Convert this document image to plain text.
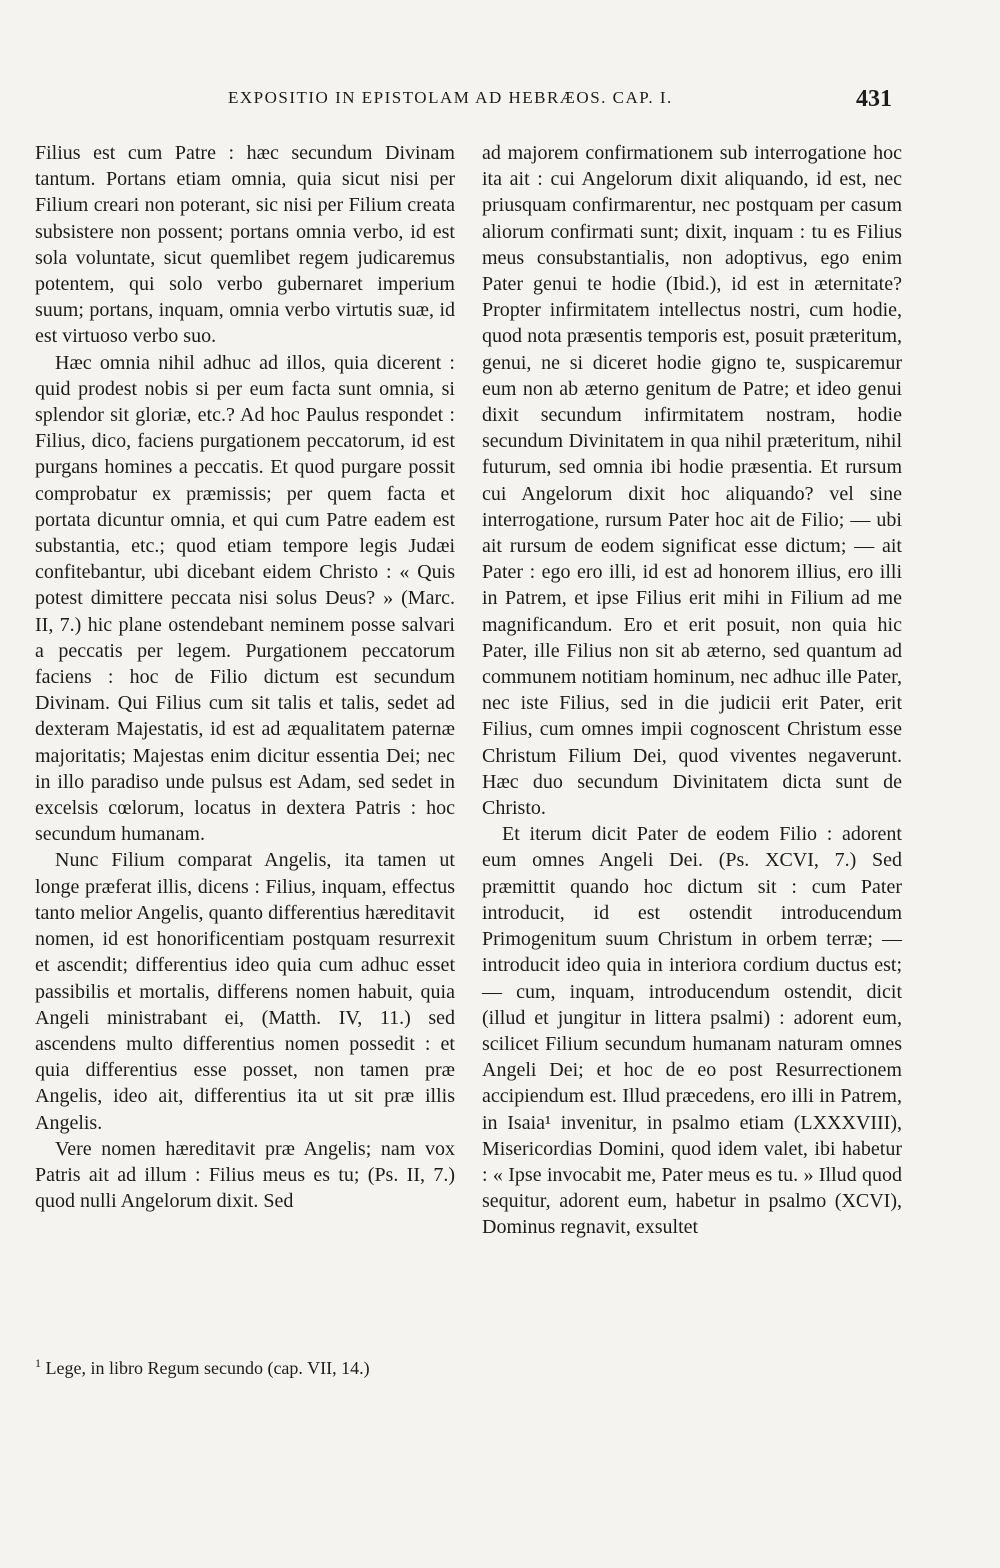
EXPOSITIO IN EPISTOLAM AD HEBRÆOS. CAP. I.	431

Filius est cum Patre : hæc secundum Divinam tantum. Portans etiam omnia, quia sicut nisi per Filium creari non poterant, sic nisi per Filium creata subsistere non possent; portans omnia verbo, id est sola voluntate, sicut quemlibet regem judicaremus potentem, qui solo verbo gubernaret imperium suum; portans, inquam, omnia verbo virtutis suæ, id est virtuoso verbo suo.

Hæc omnia nihil adhuc ad illos, quia dicerent : quid prodest nobis si per eum facta sunt omnia, si splendor sit gloriæ, etc.? Ad hoc Paulus respondet : Filius, dico, faciens purgationem peccatorum, id est purgans homines a peccatis. Et quod purgare possit comprobatur ex præmissis; per quem facta et portata dicuntur omnia, et qui cum Patre eadem est substantia, etc.; quod etiam tempore legis Judæi confitebantur, ubi dicebant eidem Christo : « Quis potest dimittere peccata nisi solus Deus? » (Marc. II, 7.) hic plane ostendebant neminem posse salvari a peccatis per legem. Purgationem peccatorum faciens : hoc de Filio dictum est secundum Divinam. Qui Filius cum sit talis et talis, sedet ad dexteram Majestatis, id est ad æqualitatem paternæ majoritatis; Majestas enim dicitur essentia Dei; nec in illo paradiso unde pulsus est Adam, sed sedet in excelsis cœlorum, locatus in dextera Patris : hoc secundum humanam.

Nunc Filium comparat Angelis, ita tamen ut longe præferat illis, dicens : Filius, inquam, effectus tanto melior Angelis, quanto differentius hæreditavit nomen, id est honorificentiam postquam resurrexit et ascendit; differentius ideo quia cum adhuc esset passibilis et mortalis, differens nomen habuit, quia Angeli ministrabant ei, (Matth. IV, 11.) sed ascendens multo differentius nomen possedit : et quia differentius esse posset, non tamen præ Angelis, ideo ait, differentius ita ut sit præ illis Angelis.

Vere nomen hæreditavit præ Angelis; nam vox Patris ait ad illum : Filius meus es tu; (Ps. II, 7.) quod nulli Angelorum dixit. Sed

ad majorem confirmationem sub interrogatione hoc ita ait : cui Angelorum dixit aliquando, id est, nec priusquam confirmarentur, nec postquam per casum aliorum confirmati sunt; dixit, inquam : tu es Filius meus consubstantialis, non adoptivus, ego enim Pater genui te hodie (Ibid.), id est in æternitate? Propter infirmitatem intellectus nostri, cum hodie, quod nota præsentis temporis est, posuit præteritum, genui, ne si diceret hodie gigno te, suspicaremur eum non ab æterno genitum de Patre; et ideo genui dixit secundum infirmitatem nostram, hodie secundum Divinitatem in qua nihil præteritum, nihil futurum, sed omnia ibi hodie præsentia. Et rursum cui Angelorum dixit hoc aliquando? vel sine interrogatione, rursum Pater hoc ait de Filio; — ubi ait rursum de eodem significat esse dictum; — ait Pater : ego ero illi, id est ad honorem illius, ero illi in Patrem, et ipse Filius erit mihi in Filium ad me magnificandum. Ero et erit posuit, non quia hic Pater, ille Filius non sit ab æterno, sed quantum ad communem notitiam hominum, nec adhuc ille Pater, nec iste Filius, sed in die judicii erit Pater, erit Filius, cum omnes impii cognoscent Christum esse Christum Filium Dei, quod viventes negaverunt. Hæc duo secundum Divinitatem dicta sunt de Christo.

Et iterum dicit Pater de eodem Filio : adorent eum omnes Angeli Dei. (Ps. XCVI, 7.) Sed præmittit quando hoc dictum sit : cum Pater introducit, id est ostendit introducendum Primogenitum suum Christum in orbem terræ; — introducit ideo quia in interiora cordium ductus est; — cum, inquam, introducendum ostendit, dicit (illud et jungitur in littera psalmi) : adorent eum, scilicet Filium secundum humanam naturam omnes Angeli Dei; et hoc de eo post Resurrectionem accipiendum est. Illud præcedens, ero illi in Patrem, in Isaia¹ invenitur, in psalmo etiam (LXXXVIII), Misericordias Domini, quod idem valet, ibi habetur : « Ipse invocabit me, Pater meus es tu. » Illud quod sequitur, adorent eum, habetur in psalmo (XCVI), Dominus regnavit, exsultet

$^1$ Lege, in libro Regum secundo (cap. VII, 14.)
